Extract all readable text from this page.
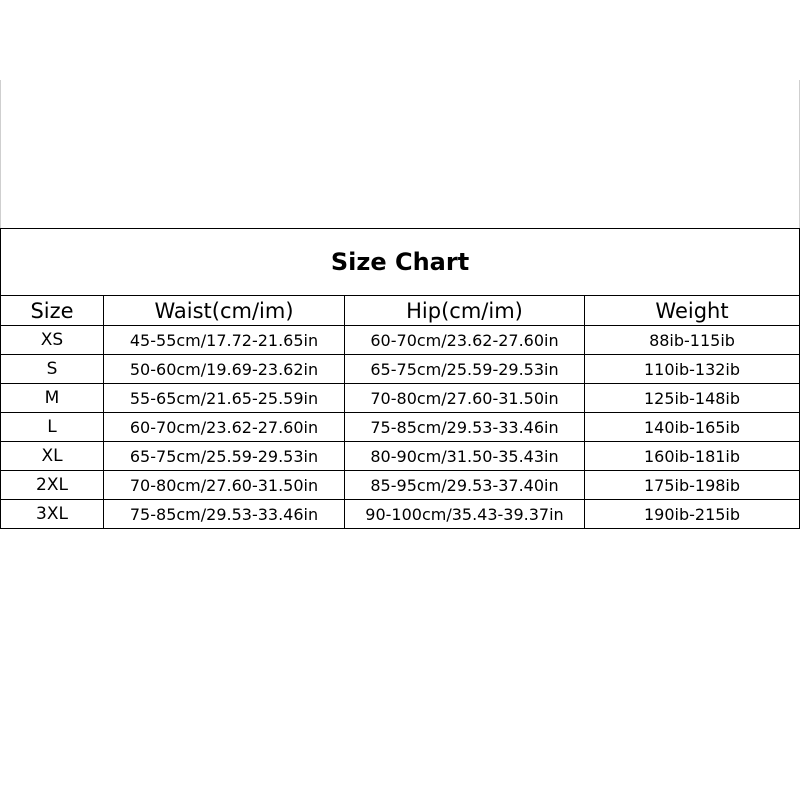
Size Chart			
Size	Waist(cm/im)	Hip(cm/im)	Weight
XS	45-55cm/17.72-21.65in	60-70cm/23.62-27.60in	88ib-115ib
S	50-60cm/19.69-23.62in	65-75cm/25.59-29.53in	110ib-132ib
M	55-65cm/21.65-25.59in	70-80cm/27.60-31.50in	125ib-148ib
L	60-70cm/23.62-27.60in	75-85cm/29.53-33.46in	140ib-165ib
XL	65-75cm/25.59-29.53in	80-90cm/31.50-35.43in	160ib-181ib
2XL	70-80cm/27.60-31.50in	85-95cm/29.53-37.40in	175ib-198ib
3XL	75-85cm/29.53-33.46in	90-100cm/35.43-39.37in	190ib-215ib
